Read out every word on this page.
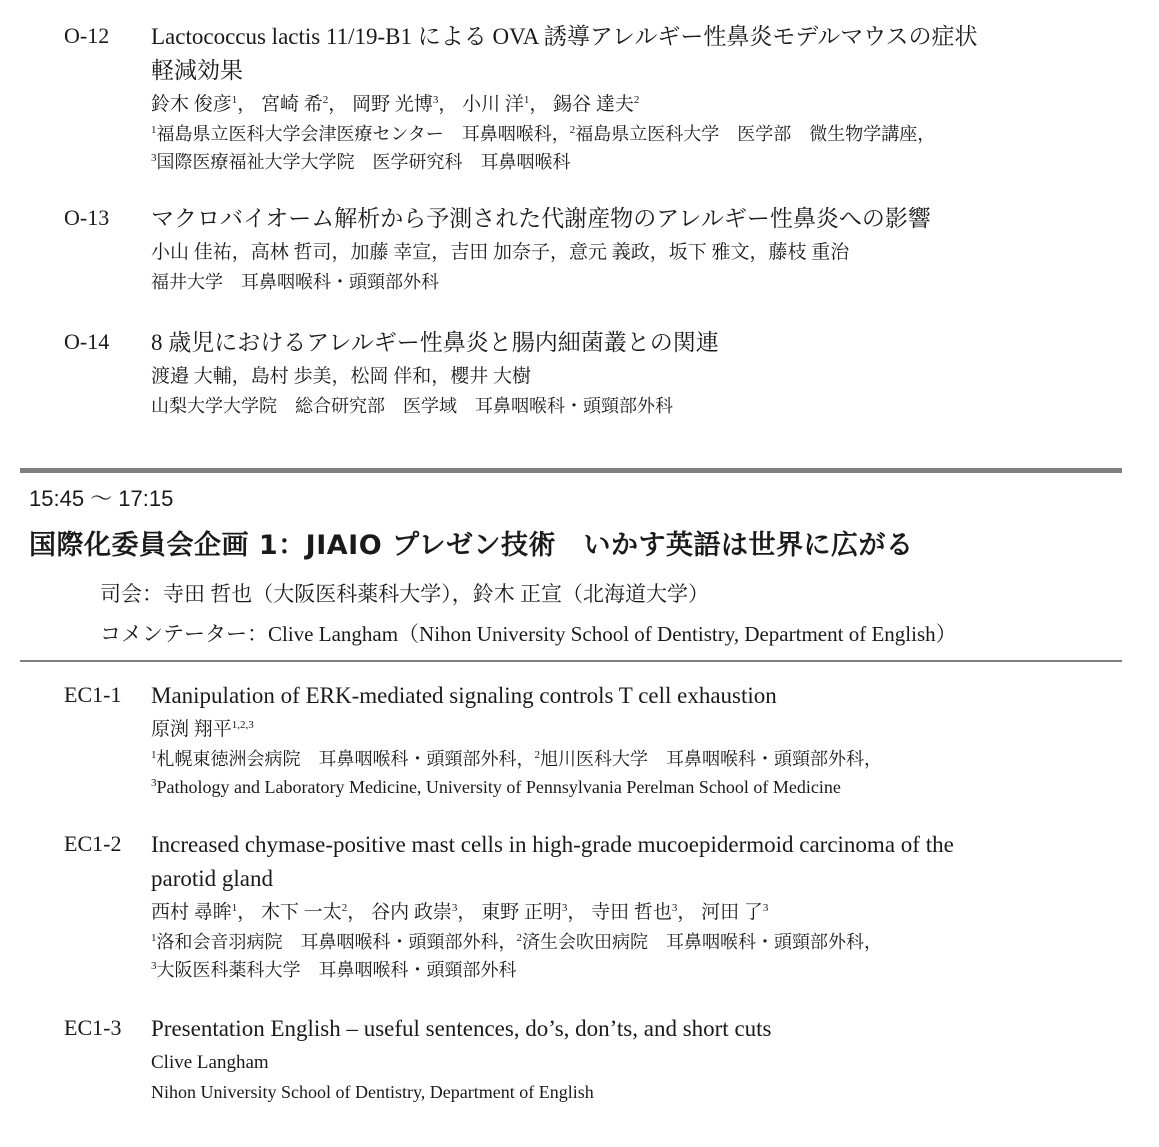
O-12 Lactococcus lactis 11/19-B1 による OVA 誘導アレルギー性鼻炎モデルマウスの症状
軽減効果
鈴木 俊彦$^1$， 宮崎 希$^2$， 岡野 光博$^3$， 小川 洋$^1$， 錫谷 達夫$^2$
$^1$福島県立医科大学会津医療センター　耳鼻咽喉科，$^2$福島県立医科大学　医学部　微生物学講座，
$^3$国際医療福祉大学大学院　医学研究科　耳鼻咽喉科
O-13 マクロバイオーム解析から予測された代謝産物のアレルギー性鼻炎への影響
小山 佳祐，高林 哲司，加藤 幸宣，吉田 加奈子，意元 義政，坂下 雅文，藤枝 重治
福井大学　耳鼻咽喉科・頭頸部外科
O-14 8 歳児におけるアレルギー性鼻炎と腸内細菌叢との関連
渡邉 大輔，島村 歩美，松岡 伴和，櫻井 大樹
山梨大学大学院　総合研究部　医学域　耳鼻咽喉科・頭頸部外科
15:45 ～ 17:15
国際化委員会企画 1：JIAIO プレゼン技術　いかす英語は世界に広がる
司会：寺田 哲也（大阪医科薬科大学），鈴木 正宣（北海道大学）
コメンテーター：Clive Langham（Nihon University School of Dentistry, Department of English）
EC1-1 Manipulation of ERK-mediated signaling controls T cell exhaustion
原渕 翔平$^{1,2,3}$
$^1$札幌東徳洲会病院　耳鼻咽喉科・頭頸部外科，$^2$旭川医科大学　耳鼻咽喉科・頭頸部外科，
$^3$Pathology and Laboratory Medicine, University of Pennsylvania Perelman School of Medicine
EC1-2 Increased chymase-positive mast cells in high-grade mucoepidermoid carcinoma of the
parotid gland
西村 尋眸$^1$， 木下 一太$^2$， 谷内 政崇$^3$， 東野 正明$^3$， 寺田 哲也$^3$， 河田 了$^3$
$^1$洛和会音羽病院　耳鼻咽喉科・頭頸部外科，$^2$済生会吹田病院　耳鼻咽喉科・頭頸部外科，
$^3$大阪医科薬科大学　耳鼻咽喉科・頭頸部外科
EC1-3 Presentation English – useful sentences, do’s, don’ts, and short cuts
Clive Langham
Nihon University School of Dentistry, Department of English
